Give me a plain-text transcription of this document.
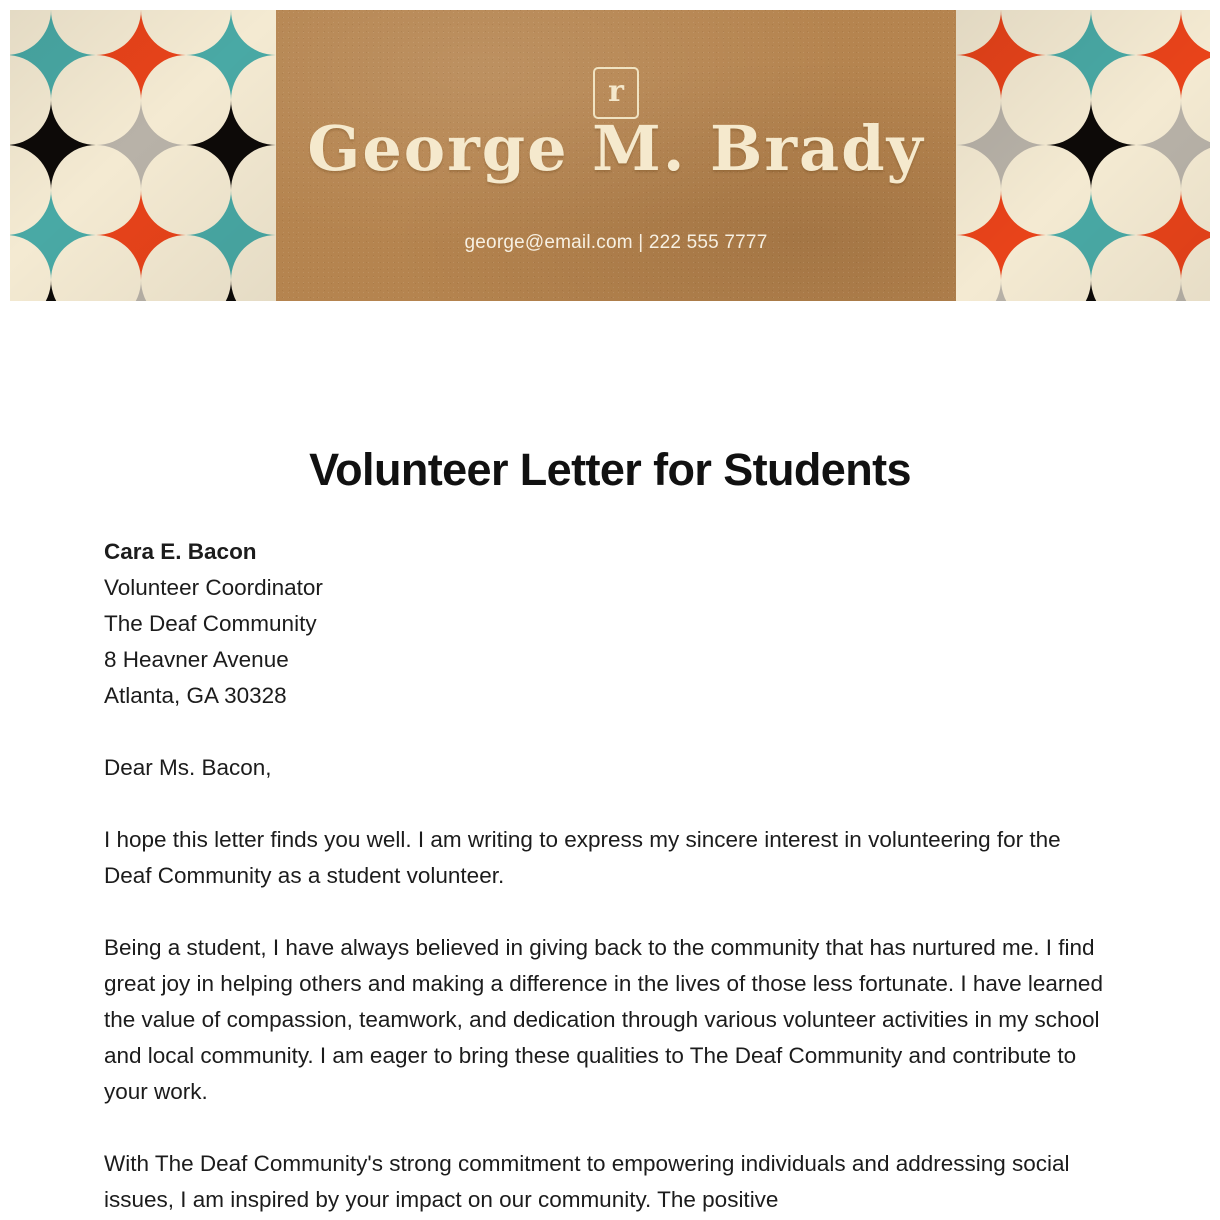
r
George M. Brady
george@email.com | 222 555 7777
Volunteer Letter for Students
Cara E. Bacon
Volunteer Coordinator
The Deaf Community
8 Heavner Avenue
Atlanta, GA 30328
Dear Ms. Bacon,

I hope this letter finds you well. I am writing to express my sincere interest in volunteering for the Deaf Community as a student volunteer.

Being a student, I have always believed in giving back to the community that has nurtured me. I find great joy in helping others and making a difference in the lives of those less fortunate. I have learned the value of compassion, teamwork, and dedication through various volunteer activities in my school and local community. I am eager to bring these qualities to The Deaf Community and contribute to your work.

With The Deaf Community's strong commitment to empowering individuals and addressing social issues, I am inspired by your impact on our community. The positive
